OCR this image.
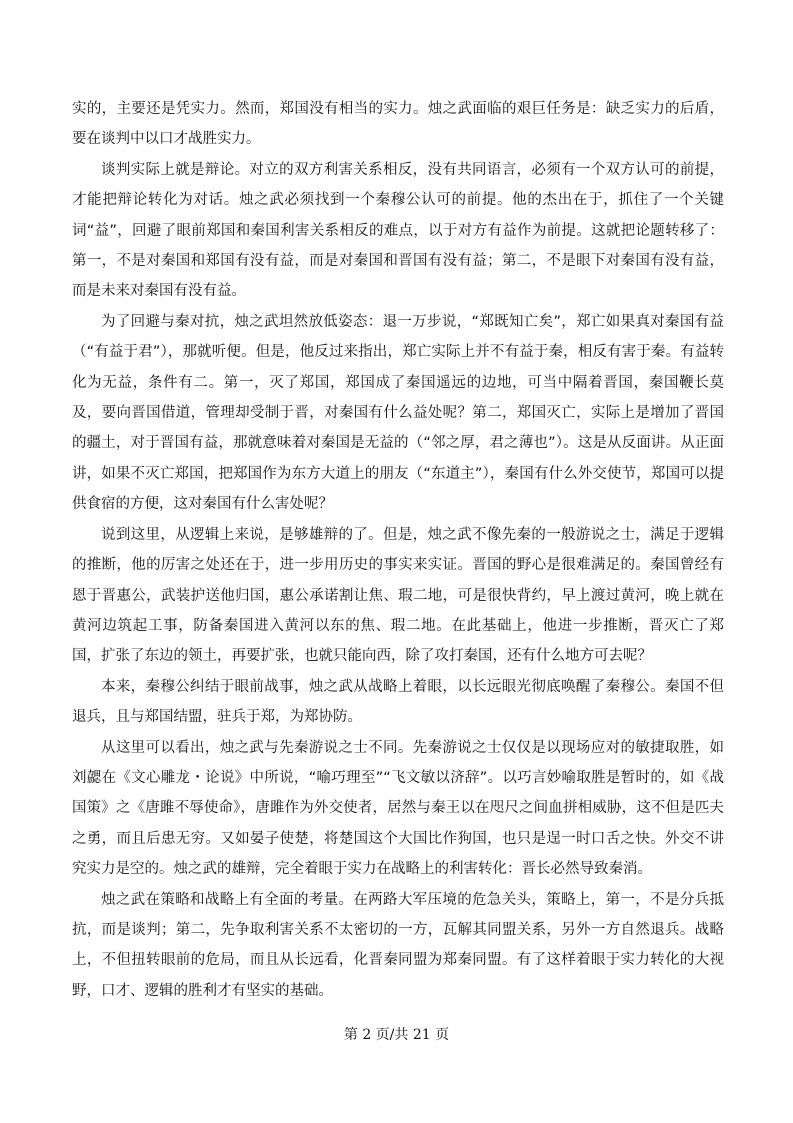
实的，主要还是凭实力。然而，郑国没有相当的实力。烛之武面临的艰巨任务是：缺乏实力的后盾，要在谈判中以口才战胜实力。

谈判实际上就是辩论。对立的双方利害关系相反，没有共同语言，必须有一个双方认可的前提，才能把辩论转化为对话。烛之武必须找到一个秦穆公认可的前提。他的杰出在于，抓住了一个关键词“益”，回避了眼前郑国和秦国利害关系相反的难点，以于对方有益作为前提。这就把论题转移了：第一，不是对秦国和郑国有没有益，而是对秦国和晋国有没有益；第二，不是眼下对秦国有没有益，而是未来对秦国有没有益。

为了回避与秦对抗，烛之武坦然放低姿态：退一万步说，“郑既知亡矣”，郑亡如果真对秦国有益（“有益于君”），那就听便。但是，他反过来指出，郑亡实际上并不有益于秦，相反有害于秦。有益转化为无益，条件有二。第一，灭了郑国，郑国成了秦国遥远的边地，可当中隔着晋国，秦国鞭长莫及，要向晋国借道，管理却受制于晋，对秦国有什么益处呢？第二，郑国灭亡，实际上是增加了晋国的疆土，对于晋国有益，那就意味着对秦国是无益的（“邻之厚，君之薄也”）。这是从反面讲。从正面讲，如果不灭亡郑国，把郑国作为东方大道上的朋友（“东道主”），秦国有什么外交使节，郑国可以提供食宿的方便，这对秦国有什么害处呢？

说到这里，从逻辑上来说，是够雄辩的了。但是，烛之武不像先秦的一般游说之士，满足于逻辑的推断，他的厉害之处还在于，进一步用历史的事实来实证。晋国的野心是很难满足的。秦国曾经有恩于晋惠公，武装护送他归国，惠公承诺割让焦、瑕二地，可是很快背约，早上渡过黄河，晚上就在黄河边筑起工事，防备秦国进入黄河以东的焦、瑕二地。在此基础上，他进一步推断，晋灭亡了郑国，扩张了东边的领土，再要扩张，也就只能向西，除了攻打秦国，还有什么地方可去呢？

本来，秦穆公纠结于眼前战事，烛之武从战略上着眼，以长远眼光彻底唤醒了秦穆公。秦国不但退兵，且与郑国结盟，驻兵于郑，为郑协防。

从这里可以看出，烛之武与先秦游说之士不同。先秦游说之士仅仅是以现场应对的敏捷取胜，如刘勰在《文心雕龙・论说》中所说，“喻巧理至”“飞文敏以济辞”。以巧言妙喻取胜是暂时的，如《战国策》之《唐雎不辱使命》，唐雎作为外交使者，居然与秦王以在咫尺之间血拼相威胁，这不但是匹夫之勇，而且后患无穷。又如晏子使楚，将楚国这个大国比作狗国，也只是逞一时口舌之快。外交不讲究实力是空的。烛之武的雄辩，完全着眼于实力在战略上的利害转化：晋长必然导致秦消。

烛之武在策略和战略上有全面的考量。在两路大军压境的危急关头，策略上，第一，不是分兵抵抗，而是谈判；第二，先争取利害关系不太密切的一方，瓦解其同盟关系，另外一方自然退兵。战略上，不但扭转眼前的危局，而且从长远看，化晋秦同盟为郑秦同盟。有了这样着眼于实力转化的大视野，口才、逻辑的胜利才有坚实的基础。

第 2 页/共 21 页
